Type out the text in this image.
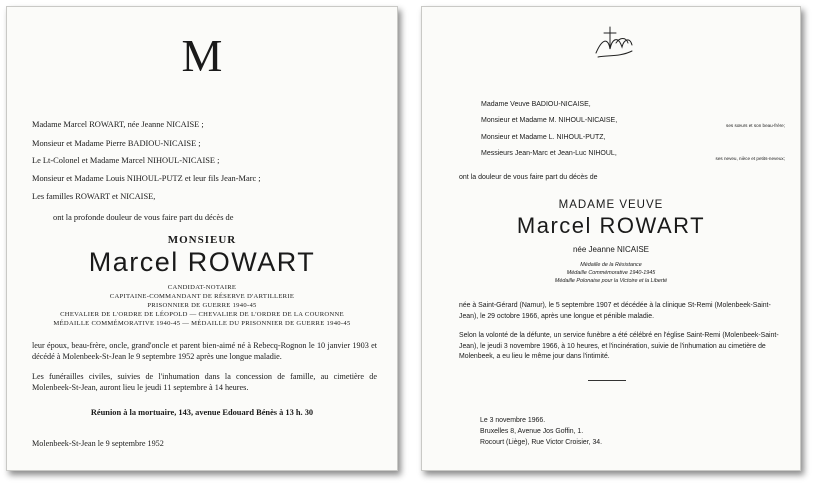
M
Madame Marcel ROWART, née Jeanne NICAISE ;
Monsieur et Madame Pierre BADIOU-NICAISE ;
Le Lt-Colonel et Madame Marcel NIHOUL-NICAISE ;
Monsieur et Madame Louis NIHOUL-PUTZ et leur fils Jean-Marc ;
Les familles ROWART et NICAISE,
ont la profonde douleur de vous faire part du décès de
MONSIEUR
Marcel ROWART
CANDIDAT-NOTAIRE
CAPITAINE-COMMANDANT DE RÉSERVE D'ARTILLERIE
PRISONNIER DE GUERRE 1940-45
CHEVALIER DE L'ORDRE DE LÉOPOLD — CHEVALIER DE L'ORDRE DE LA COURONNE
MÉDAILLE COMMÉMORATIVE 1940-45 — MÉDAILLE DU PRISONNIER DE GUERRE 1940-45
leur époux, beau-frère, oncle, grand'oncle et parent bien-aimé né à Rebecq-Rognon le 10 janvier 1903 et décédé à Molenbeek-St-Jean le 9 septembre 1952 après une longue maladie.
Les funérailles civiles, suivies de l'inhumation dans la concession de famille, au cimetière de Molenbeek-St-Jean, auront lieu le jeudi 11 septembre à 14 heures.
Réunion à la mortuaire, 143, avenue Edouard Bénès à 13 h. 30
Molenbeek-St-Jean le 9 septembre 1952
Madame Veuve BADIOU-NICAISE,
Monsieur et Madame M. NIHOUL-NICAISE,
ses sœurs et son beau-frère;
Monsieur et Madame L. NIHOUL-PUTZ,
Messieurs Jean-Marc et Jean-Luc NIHOUL,
ses neveu, nièce et petits-neveux;
ont la douleur de vous faire part du décès de
MADAME VEUVE
Marcel ROWART
née Jeanne NICAISE
Médaille de la Résistance
Médaille Commémorative 1940-1945
Médaille Polonaise pour la Victoire et la Liberté
née à Saint-Gérard (Namur), le 5 septembre 1907 et décédée à la clinique St-Remi (Molenbeek-Saint-Jean), le 29 octobre 1966, après une longue et pénible maladie.
Selon la volonté de la défunte, un service funèbre a été célébré en l'église Saint-Remi (Molenbeek-Saint-Jean), le jeudi 3 novembre 1966, à 10 heures, et l'incinération, suivie de l'inhumation au cimetière de Molenbeek, a eu lieu le même jour dans l'intimité.
Le 3 novembre 1966.
Bruxelles 8, Avenue Jos Goffin, 1.
Rocourt (Liège), Rue Victor Croisier, 34.
